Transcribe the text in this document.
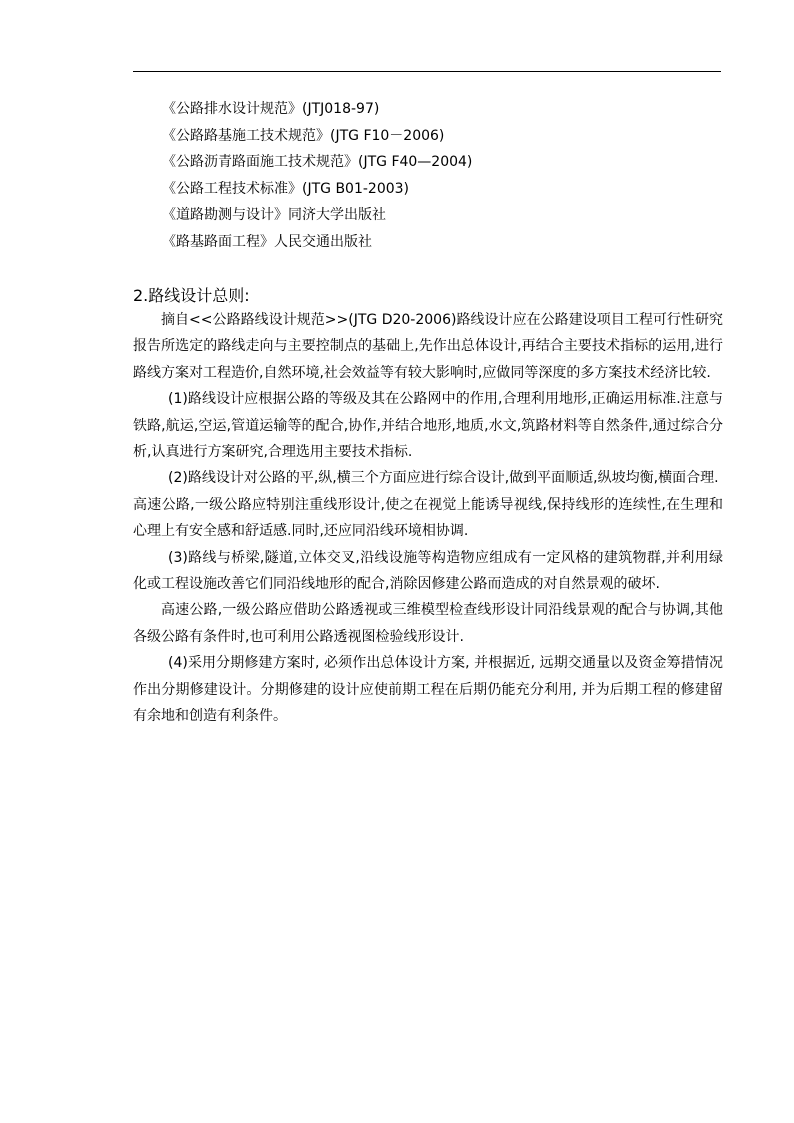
《公路排水设计规范》(JTJ018-97)
《公路路基施工技术规范》(JTG F10－2006)
《公路沥青路面施工技术规范》(JTG F40—2004)
《公路工程技术标准》(JTG B01-2003)
《道路勘测与设计》同济大学出版社
《路基路面工程》人民交通出版社
2.路线设计总则:

摘自<<公路路线设计规范>>(JTG D20-2006)路线设计应在公路建设项目工程可行性研究报告所选定的路线走向与主要控制点的基础上,先作出总体设计,再结合主要技术指标的运用,进行路线方案对工程造价,自然环境,社会效益等有较大影响时,应做同等深度的多方案技术经济比较.

(1)路线设计应根据公路的等级及其在公路网中的作用,合理利用地形,正确运用标准.注意与铁路,航运,空运,管道运输等的配合,协作,并结合地形,地质,水文,筑路材料等自然条件,通过综合分析,认真进行方案研究,合理选用主要技术指标.

(2)路线设计对公路的平,纵,横三个方面应进行综合设计,做到平面顺适,纵坡均衡,横面合理.

高速公路,一级公路应特别注重线形设计,使之在视觉上能诱导视线,保持线形的连续性,在生理和心理上有安全感和舒适感.同时,还应同沿线环境相协调.

(3)路线与桥梁,隧道,立体交叉,沿线设施等构造物应组成有一定风格的建筑物群,并利用绿化或工程设施改善它们同沿线地形的配合,消除因修建公路而造成的对自然景观的破坏.

高速公路,一级公路应借助公路透视或三维模型检查线形设计同沿线景观的配合与协调,其他各级公路有条件时,也可利用公路透视图检验线形设计.

(4)采用分期修建方案时, 必须作出总体设计方案, 并根据近, 远期交通量以及资金筹措情况作出分期修建设计。分期修建的设计应使前期工程在后期仍能充分利用, 并为后期工程的修建留有余地和创造有利条件。
